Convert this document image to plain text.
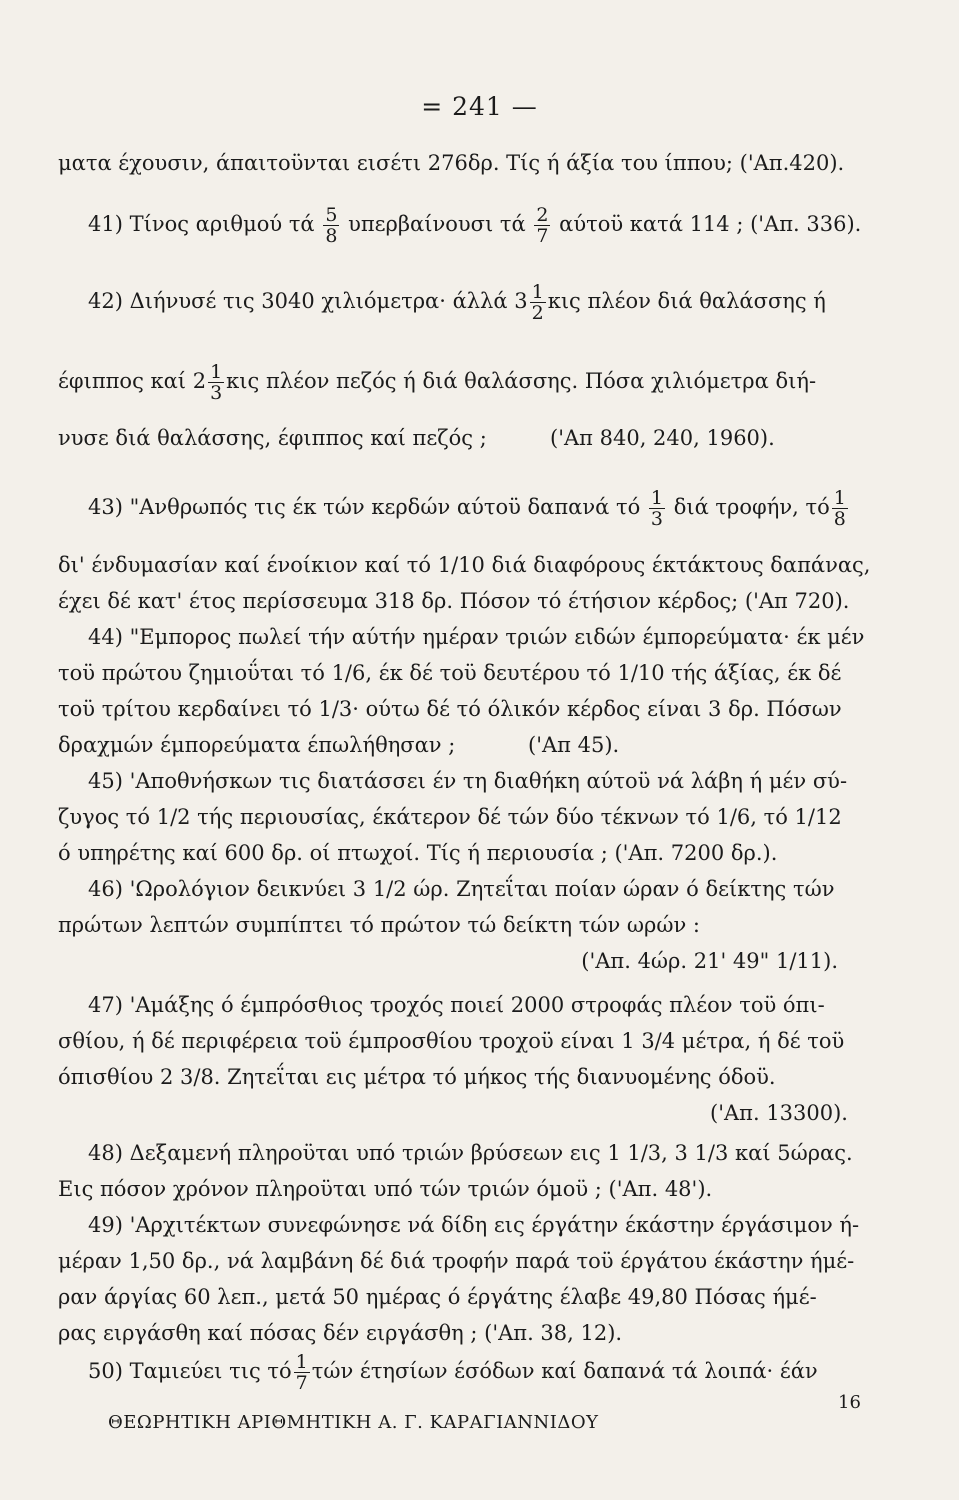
= 241 —
ματα έχουσιν, άπαιτοϋνται εισέτι 276δρ. Τίς ή άξία του ίππου; ('Απ.420).
41) Τίνος αριθμού τά $\frac{5}{8}$ υπερβαίνουσι τά $\frac{2}{7}$ αύτοϋ κατά 114 ; ('Απ. 336).
42) Διήνυσέ τις 3040 χιλιόμετρα· άλλά $3 \frac{1}{2}$ κις πλέον διά θαλάσσης ή
έφιππος καί $2 \frac{1}{3}$ κις πλέον πεζός ή διά θαλάσσης. Πόσα χιλιόμετρα διή-
νυσε διά θαλάσσης, έφιππος καί πεζός ;	('Απ 840, 240, 1960).
43) "Ανθρωπός τις έκ τών κερδών αύτοϋ δαπανά τό $\frac{1}{3}$ διά τροφήν, τό $\frac{1}{8}$
δι' ένδυμασίαν καί ένοίκιον καί τό 1/10 διά διαφόρους έκτάκτους δαπάνας,
έχει δέ κατ' έτος περίσσευμα 318 δρ. Πόσον τό έτήσιον κέρδος; ('Απ 720).
44) "Εμπορος πωλεί τήν αύτήν ημέραν τριών ειδών έμπορεύματα· έκ μέν
τοϋ πρώτου ζημιοΰται τό 1/6, έκ δέ τοϋ δευτέρου τό 1/10 τής άξίας, έκ δέ
τοϋ τρίτου κερδαίνει τό 1/3· ούτω δέ τό όλικόν κέρδος είναι 3 δρ. Πόσων
δραχμών έμπορεύματα έπωλήθησαν ;	('Απ 45).
45) 'Αποθνήσκων τις διατάσσει έν τη διαθήκη αύτοϋ νά λάβη ή μέν σύ-
ζυγος τό 1/2 τής περιουσίας, έκάτερον δέ τών δύο τέκνων τό 1/6, τό 1/12
ό υπηρέτης καί 600 δρ. οί πτωχοί. Τίς ή περιουσία ; ('Απ. 7200 δρ.).
46) 'Ωρολόγιον δεικνύει 3 1/2 ώρ. Ζητεΐται ποίαν ώραν ό δείκτης τών
πρώτων λεπτών συμπίπτει τό πρώτον τώ δείκτη τών ωρών :
('Απ. 4ώρ. 21' 49" 1/11).
47) 'Αμάξης ό έμπρόσθιος τροχός ποιεί 2000 στροφάς πλέον τοϋ όπι-
σθίου, ή δέ περιφέρεια τοϋ έμπροσθίου τροχοϋ είναι 1 3/4 μέτρα, ή δέ τοϋ
όπισθίου 2 3/8. Ζητεΐται εις μέτρα τό μήκος τής διανυομένης όδοϋ.
('Απ. 13300).
48) Δεξαμενή πληροϋται υπό τριών βρύσεων εις 1 1/3, 3 1/3 καί 5ώρας.
Εις πόσον χρόνον πληροϋται υπό τών τριών όμοϋ ; ('Απ. 48').
49) 'Αρχιτέκτων συνεφώνησε νά δίδη εις έργάτην έκάστην έργάσιμον ή-
μέραν 1,50 δρ., νά λαμβάνη δέ διά τροφήν παρά τοϋ έργάτου έκάστην ήμέ-
ραν άργίας 60 λεπ., μετά 50 ημέρας ό έργάτης έλαβε 49,80 Πόσας ήμέ-
ρας ειργάσθη καί πόσας δέν ειργάσθη ; ('Απ. 38, 12).
50) Ταμιεύει τις τό $\frac{1}{7}$ τών έτησίων έσόδων καί δαπανά τά λοιπά· έάν
ΘΕΩΡΗΤΙΚΗ ΑΡΙΘΜΗΤΙΚΗ Α. Γ. ΚΑΡΑΓΙΑΝΝΙΔΟΥ
16
